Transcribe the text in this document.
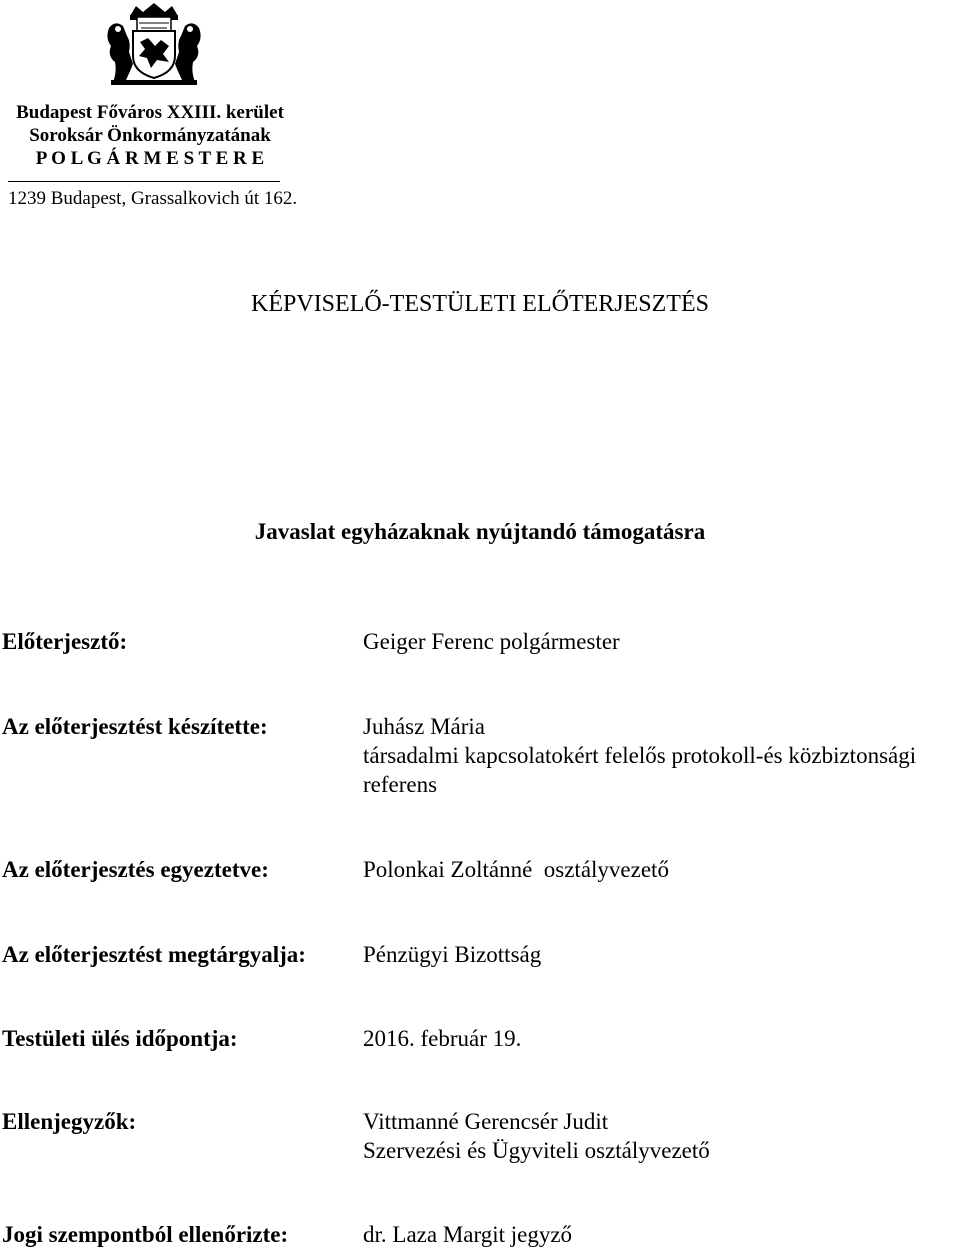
Budapest Főváros XXIII. kerület
Soroksár Önkormányzatának
P O L G Á R M E S T E R E
1239 Budapest, Grassalkovich út 162.
KÉPVISELŐ-TESTÜLETI ELŐTERJESZTÉS
Javaslat egyházaknak nyújtandó támogatásra
Előterjesztő:	Geiger Ferenc polgármester
Az előterjesztést készítette:	Juhász Mária
társadalmi kapcsolatokért felelős protokoll-és közbiztonsági
referens
Az előterjesztés egyeztetve:	Polonkai Zoltánné  osztályvezető
Az előterjesztést megtárgyalja: Pénzügyi Bizottság
Testületi ülés időpontja:	2016. február 19.
Ellenjegyzők:	Vittmanné Gerencsér Judit
Szervezési és Ügyviteli osztályvezető
Jogi szempontból ellenőrizte:	dr. Laza Margit jegyző
